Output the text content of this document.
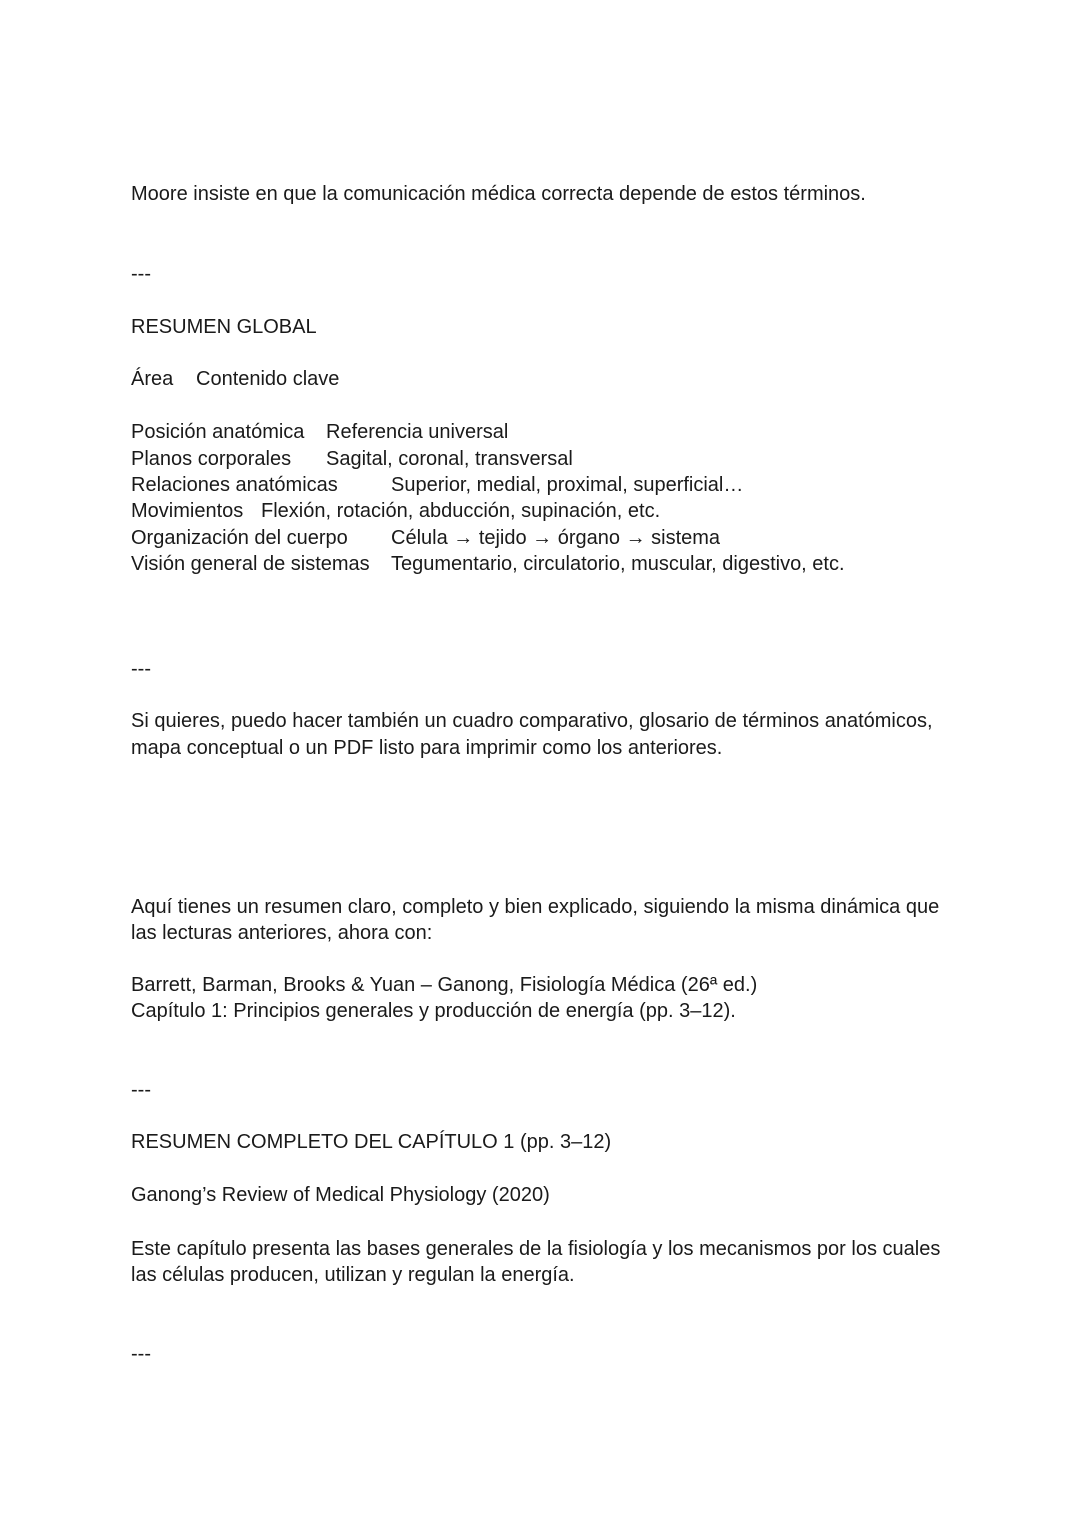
Moore insiste en que la comunicación médica correcta depende de estos términos.
---
RESUMEN GLOBAL
Área Contenido clave
Posición anatómica Referencia universal
Planos corporales Sagital, coronal, transversal
Relaciones anatómicas	Superior, medial, proximal, superficial…
Movimientos Flexión, rotación, abducción, supinación, etc.
Organización del cuerpo Célula → tejido → órgano → sistema
Visión general de sistemas Tegumentario, circulatorio, muscular, digestivo, etc.
---
Si quieres, puedo hacer también un cuadro comparativo, glosario de términos anatómicos,
mapa conceptual o un PDF listo para imprimir como los anteriores.
Aquí tienes un resumen claro, completo y bien explicado, siguiendo la misma dinámica que
las lecturas anteriores, ahora con:
Barrett, Barman, Brooks & Yuan – Ganong, Fisiología Médica (26ª ed.)
Capítulo 1: Principios generales y producción de energía (pp. 3–12).
---
RESUMEN COMPLETO DEL CAPÍTULO 1 (pp. 3–12)
Ganong’s Review of Medical Physiology (2020)
Este capítulo presenta las bases generales de la fisiología y los mecanismos por los cuales
las células producen, utilizan y regulan la energía.
---
